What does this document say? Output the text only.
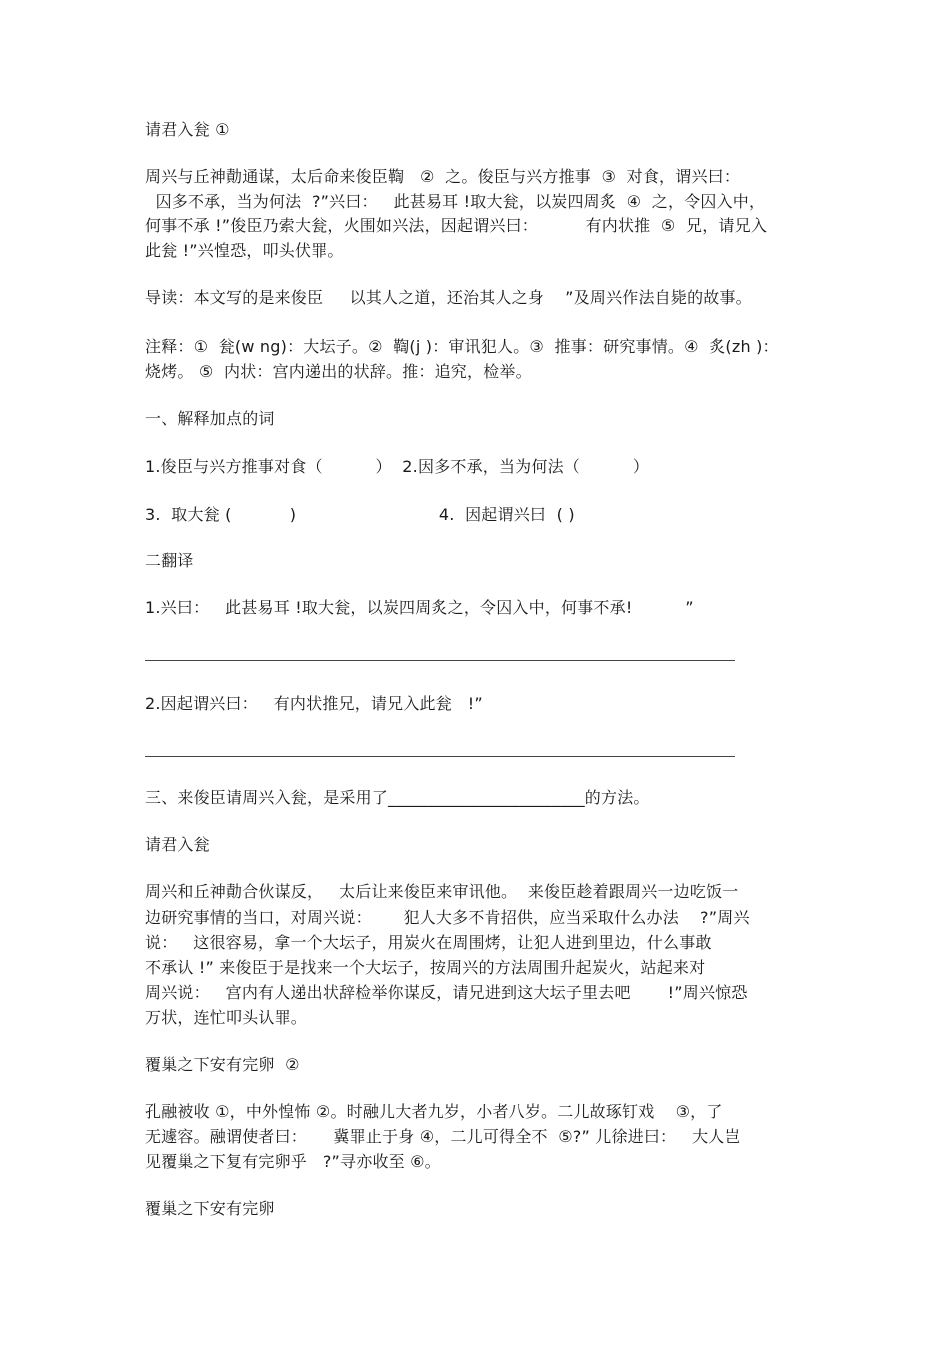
请君入瓮 ①

周兴与丘神勣通谋，太后命来俊臣鞫   ②  之。俊臣与兴方推事  ③  对食，谓兴曰：

囚多不承，当为何法  ?”兴曰：   此甚易耳 !取大瓮，以炭四周炙  ④  之，令囚入中，

何事不承 !”俊臣乃索大瓮，火围如兴法，因起谓兴曰：         有内状推  ⑤  兄，请兄入

此瓮 !”兴惶恐，叩头伏罪。

导读：本文写的是来俊臣     以其人之道，还治其人之身    ”及周兴作法自毙的故事。

注释：①  瓮(w ng)：大坛子。②  鞫(j )：审讯犯人。③  推事：研究事情。④  炙(zh )：

烧烤。 ⑤  内状：宫内递出的状辞。推：追究，检举。

一、解释加点的词

1.俊臣与兴方推事对食（          ）  2.因多不承，当为何法（          ）

3.  取大瓮 (           )                           4.  因起谓兴曰  ( )

二翻译

1.兴曰：   此甚易耳 !取大瓮，以炭四周炙之，令囚入中，何事不承!          ”

2.因起谓兴曰：   有内状推兄，请兄入此瓮   !”

三、来俊臣请周兴入瓮，是采用了________________________的方法。

请君入瓮

周兴和丘神勣合伙谋反，   太后让来俊臣来审讯他。  来俊臣趁着跟周兴一边吃饭一

边研究事情的当口，对周兴说：      犯人大多不肯招供，应当采取什么办法    ?”周兴

说：   这很容易，拿一个大坛子，用炭火在周围烤，让犯人进到里边，什么事敢

不承认 !” 来俊臣于是找来一个大坛子，按周兴的方法周围升起炭火，站起来对

周兴说：   宫内有人递出状辞检举你谋反，请兄进到这大坛子里去吧       !”周兴惊恐

万状，连忙叩头认罪。

覆巢之下安有完卵  ②

孔融被收 ①，中外惶怖 ②。时融儿大者九岁，小者八岁。二儿故琢钉戏    ③，了

无遽容。融谓使者曰：     冀罪止于身 ④，二儿可得全不  ⑤?” 儿徐进曰：   大人岂

见覆巢之下复有完卵乎   ?”寻亦收至 ⑥。

覆巢之下安有完卵
